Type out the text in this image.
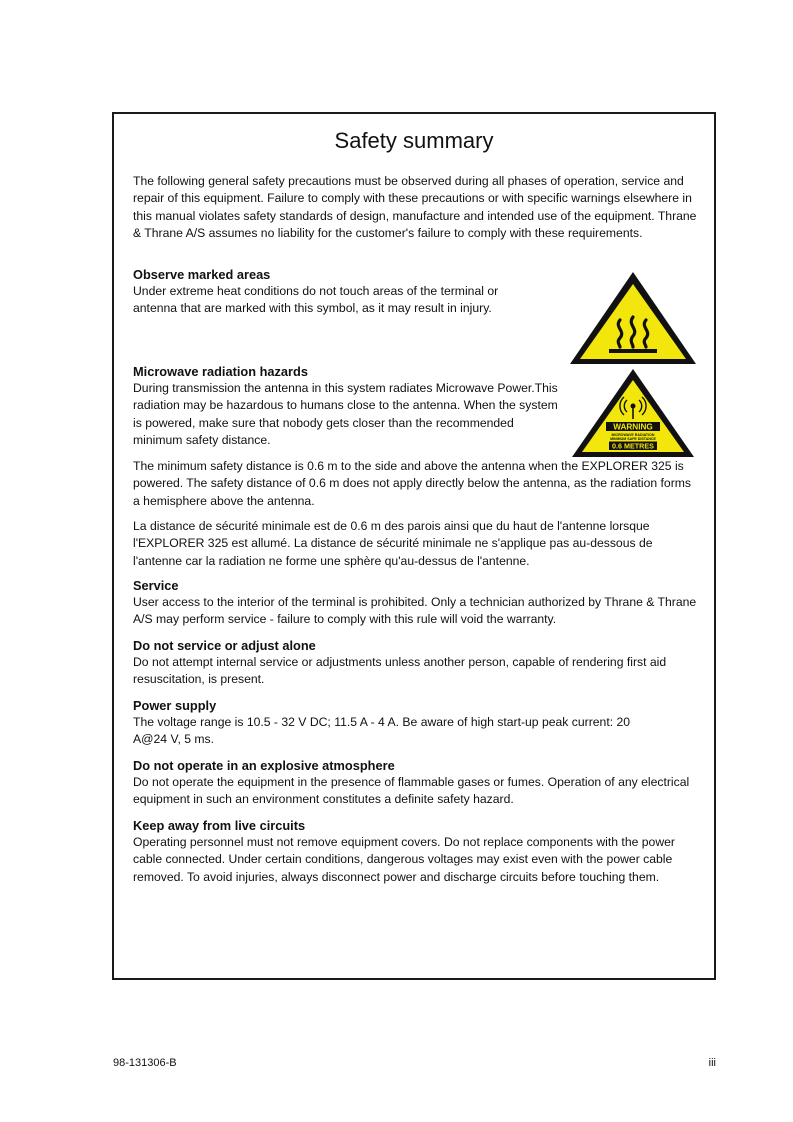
Safety summary

The following general safety precautions must be observed during all phases of operation, service and repair of this equipment. Failure to comply with these precautions or with specific warnings elsewhere in this manual violates safety standards of design, manufacture and intended use of the equipment. Thrane & Thrane A/S assumes no liability for the customer's failure to comply with these requirements.

Observe marked areas
Under extreme heat conditions do not touch areas of the terminal or antenna that are marked with this symbol, as it may result in injury.
Microwave radiation hazards
During transmission the antenna in this system radiates Microwave Power.This radiation may be hazardous to humans close to the antenna. When the system is powered, make sure that nobody gets closer than the recommended minimum safety distance.

The minimum safety distance is 0.6 m to the side and above the antenna when the EXPLORER 325 is powered. The safety distance of 0.6 m does not apply directly below the antenna, as the radiation forms a hemisphere above the antenna.

La distance de sécurité minimale est de 0.6 m des parois ainsi que du haut de l'antenne lorsque l'EXPLORER 325 est allumé. La distance de sécurité minimale ne s'applique pas au-dessous de l'antenne car la radiation ne forme une sphère qu'au-dessus de l'antenne.

Service
User access to the interior of the terminal is prohibited. Only a technician authorized by Thrane & Thrane A/S may perform service - failure to comply with this rule will void the warranty.
Do not service or adjust alone
Do not attempt internal service or adjustments unless another person, capable of rendering first aid resuscitation, is present.
Power supply
The voltage range is 10.5 - 32 V DC; 11.5 A - 4 A. Be aware of high start-up peak current: 20 A@24 V, 5 ms.
Do not operate in an explosive atmosphere
Do not operate the equipment in the presence of flammable gases or fumes. Operation of any electrical equipment in such an environment constitutes a definite safety hazard.
Keep away from live circuits
Operating personnel must not remove equipment covers. Do not replace components with the power cable connected. Under certain conditions, dangerous voltages may exist even with the power cable removed. To avoid injuries, always disconnect power and discharge circuits before touching them.
WARNING
MICROWAVE RADIATION
MINIMUM SAFE DISTANCE
0.6 METRES
98-131306-B	iii
